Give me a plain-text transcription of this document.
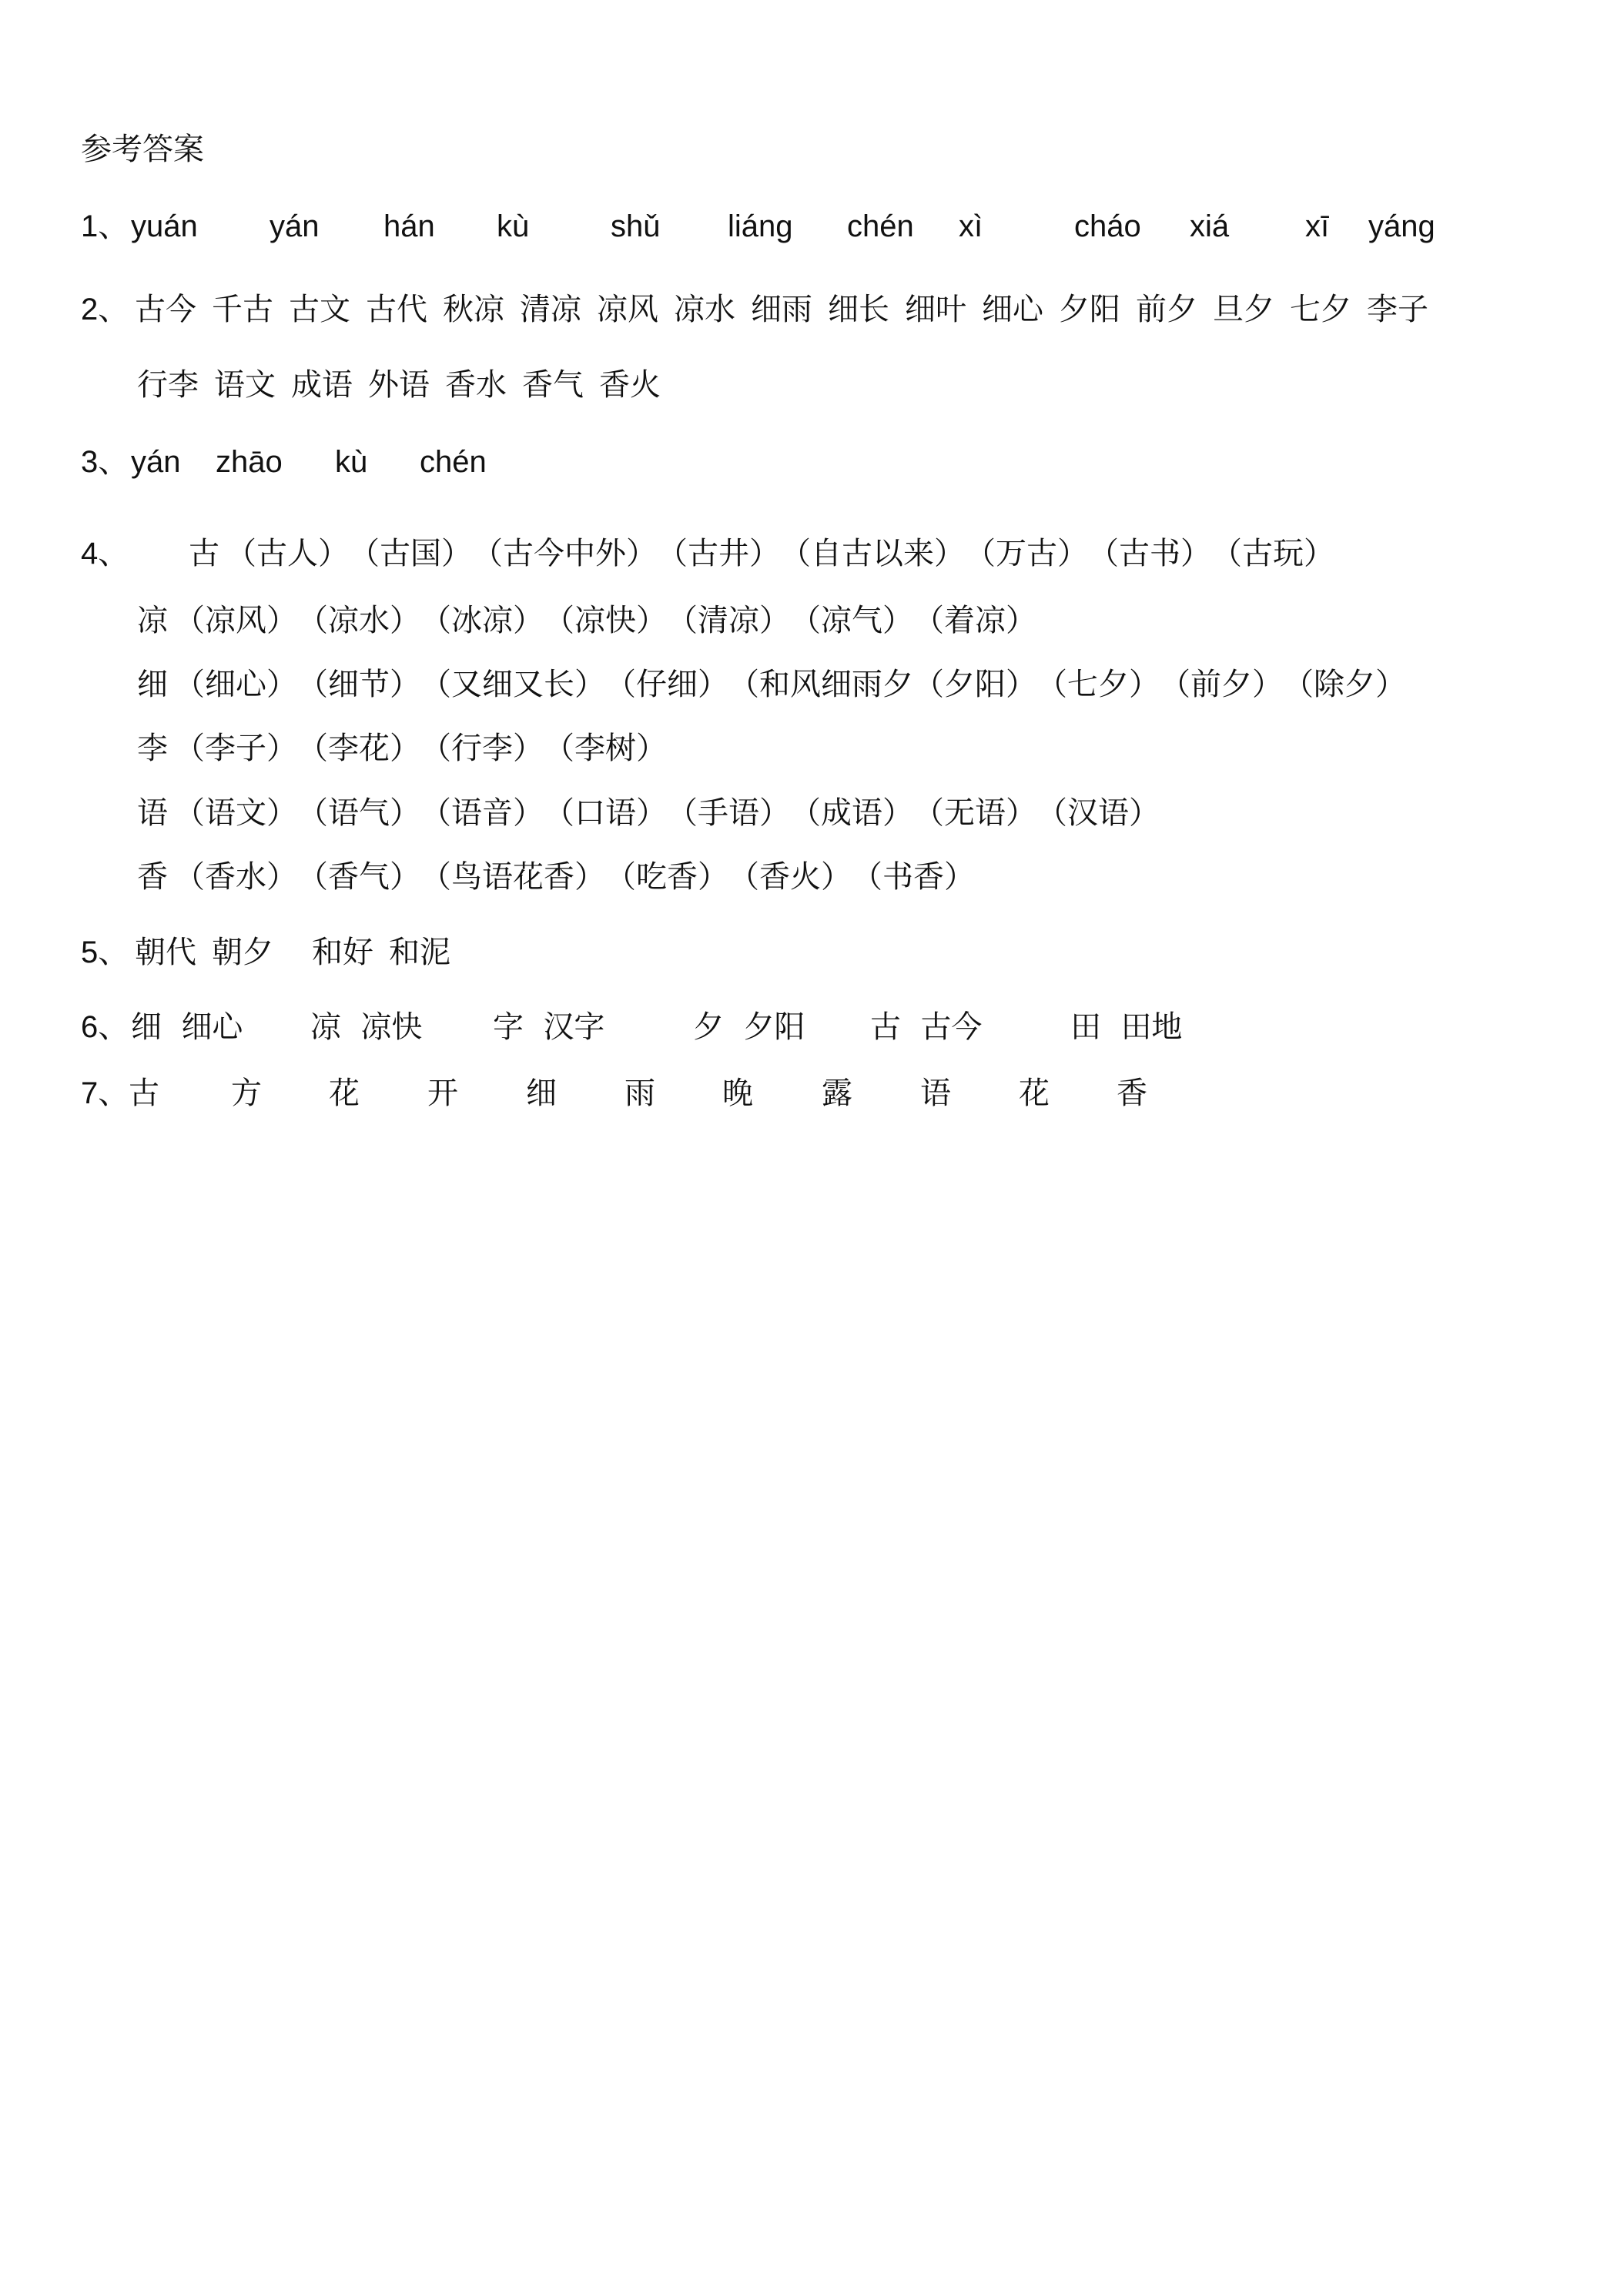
参考答案
1、 yuán yán hán kù	shǔ liáng chén xì	cháo xiá xī yáng
2、 古今 千古 古文 古代 秋凉 清凉 凉风 凉水 细雨 细长 细叶 细心 夕阳 前夕 旦夕 七夕 李子
行李 语文 成语 外语 香水 香气 香火
3、 yán zhāo kù chén
4、 古 （古人）（古国）（古今中外）（古井）（自古以来）（万古）（古书）（古玩）
凉 （凉风）（凉水）（冰凉）（凉快）（清凉）（凉气）（着凉）
细 （细心）（细节）（又细又长）（仔细）（和风细雨夕（夕阳）（七夕）（前夕）（除夕）
李 （李子）（李花）（行李）（李树）
语 （语文）（语气）（语音）（口语）（手语）（成语）（无语）（汉语）
香 （香水）（香气）（鸟语花香）（吃香）（香火）（书香）
5、 朝代 朝夕 和好 和泥
6、 细 细心 凉 凉快 字 汉字	夕 夕阳 古 古今	田 田地
7、 古 方 花 开 细 雨 晚 露 语 花 香
